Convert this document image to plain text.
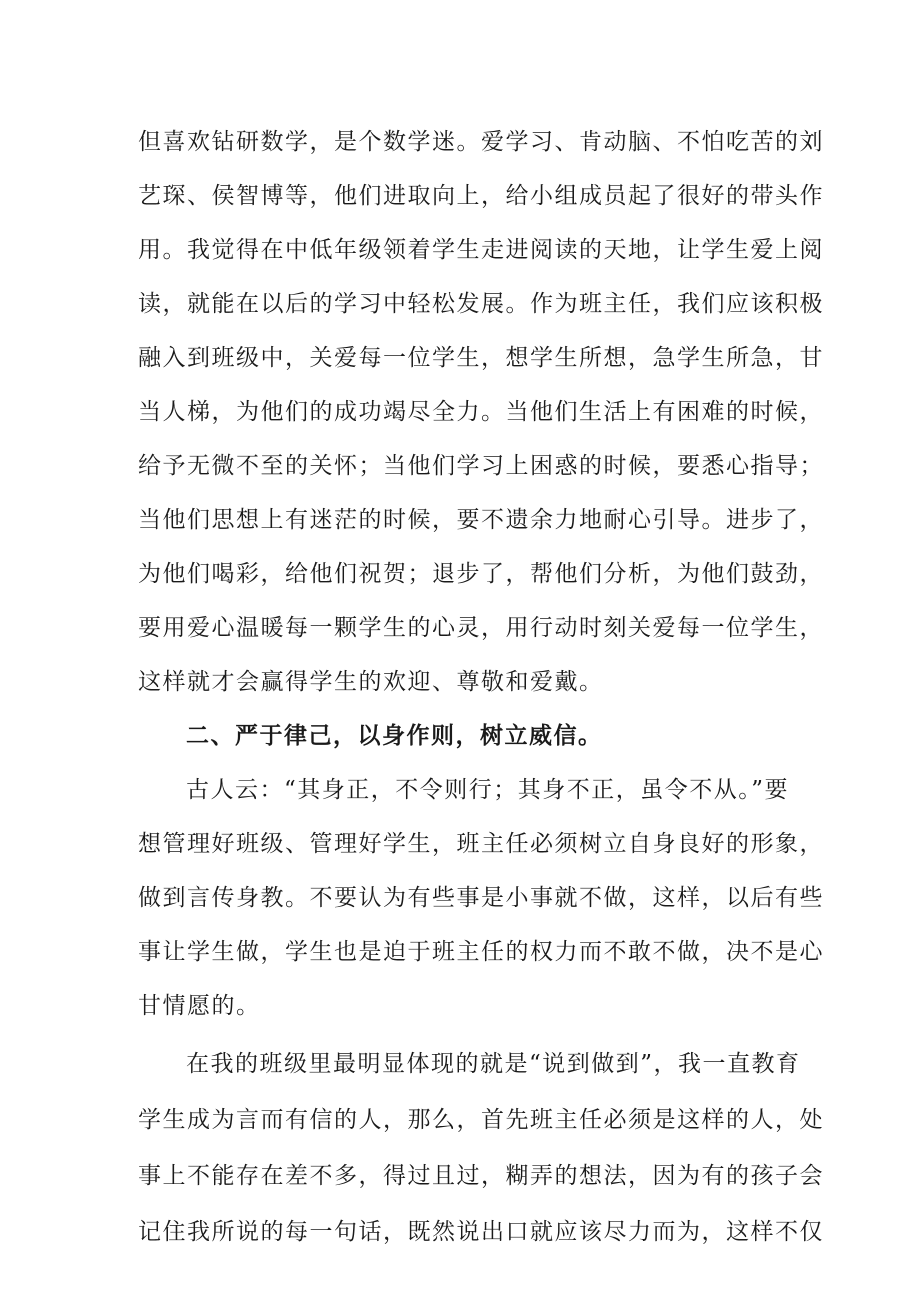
但喜欢钻研数学，是个数学迷。爱学习、肯动脑、不怕吃苦的刘
艺琛、侯智博等，他们进取向上，给小组成员起了很好的带头作
用。我觉得在中低年级领着学生走进阅读的天地，让学生爱上阅
读，就能在以后的学习中轻松发展。作为班主任，我们应该积极
融入到班级中，关爱每一位学生，想学生所想，急学生所急，甘
当人梯，为他们的成功竭尽全力。当他们生活上有困难的时候，
给予无微不至的关怀；当他们学习上困惑的时候，要悉心指导；
当他们思想上有迷茫的时候，要不遗余力地耐心引导。进步了，
为他们喝彩，给他们祝贺；退步了，帮他们分析，为他们鼓劲，
要用爱心温暖每一颗学生的心灵，用行动时刻关爱每一位学生，
这样就才会赢得学生的欢迎、尊敬和爱戴。
二、严于律己，以身作则，树立威信。
古人云：“其身正，不令则行；其身不正，虽令不从。”要
想管理好班级、管理好学生，班主任必须树立自身良好的形象，
做到言传身教。不要认为有些事是小事就不做，这样，以后有些
事让学生做，学生也是迫于班主任的权力而不敢不做，决不是心
甘情愿的。
在我的班级里最明显体现的就是“说到做到”，我一直教育
学生成为言而有信的人，那么，首先班主任必须是这样的人，处
事上不能存在差不多，得过且过，糊弄的想法，因为有的孩子会
记住我所说的每一句话，既然说出口就应该尽力而为，这样不仅
